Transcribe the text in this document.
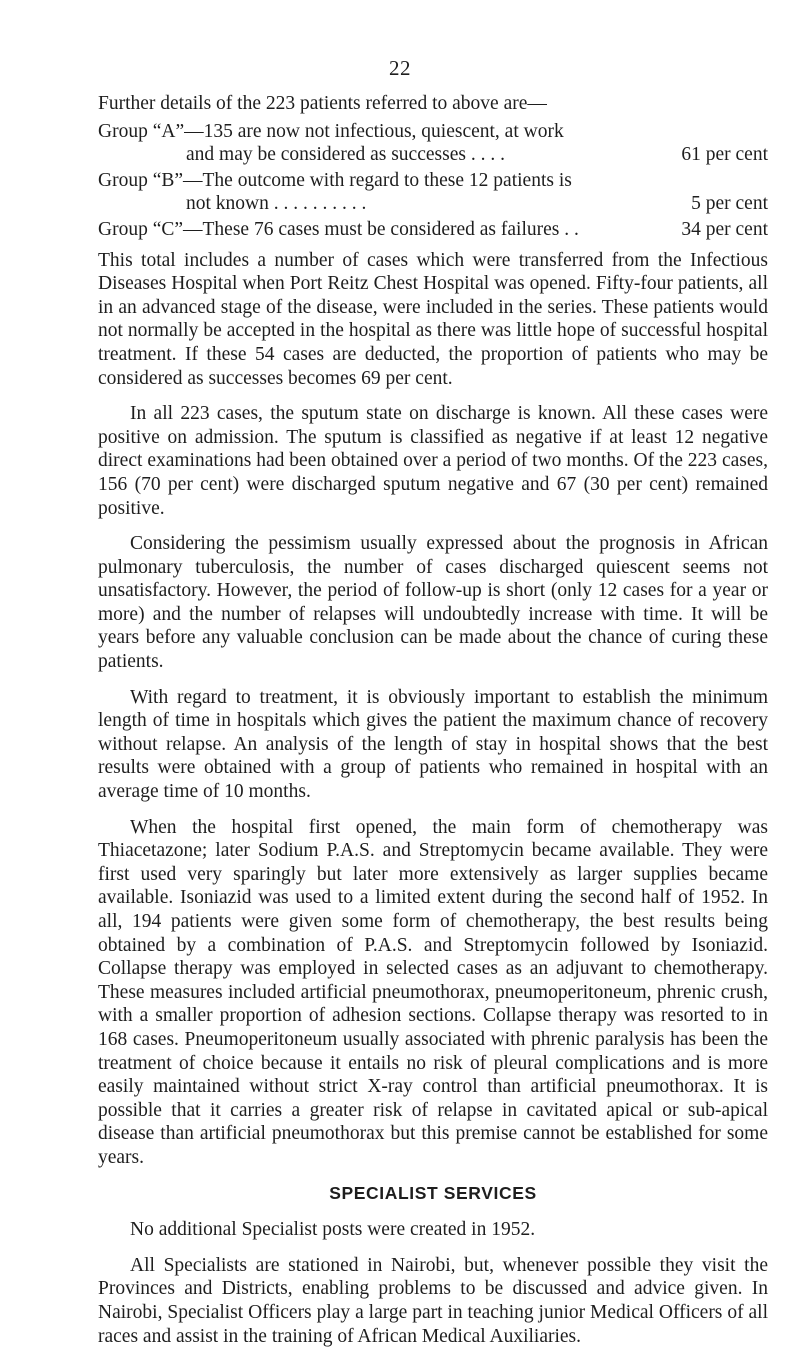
22

Further details of the 223 patients referred to above are—

Group “A”—135 are now not infectious, quiescent, at work
and may be considered as successes . . . .	61 per cent
Group “B”—The outcome with regard to these 12 patients is
not known . . . . . . . . . .	5 per cent
Group “C”—These 76 cases must be considered as failures . .	34 per cent

This total includes a number of cases which were transferred from the Infectious Diseases Hospital when Port Reitz Chest Hospital was opened. Fifty-four patients, all in an advanced stage of the disease, were included in the series. These patients would not normally be accepted in the hospital as there was little hope of successful hospital treatment. If these 54 cases are deducted, the proportion of patients who may be considered as successes becomes 69 per cent.

In all 223 cases, the sputum state on discharge is known. All these cases were positive on admission. The sputum is classified as negative if at least 12 negative direct examinations had been obtained over a period of two months. Of the 223 cases, 156 (70 per cent) were discharged sputum negative and 67 (30 per cent) remained positive.

Considering the pessimism usually expressed about the prognosis in African pulmonary tuberculosis, the number of cases discharged quiescent seems not unsatisfactory. However, the period of follow-up is short (only 12 cases for a year or more) and the number of relapses will undoubtedly increase with time. It will be years before any valuable conclusion can be made about the chance of curing these patients.

With regard to treatment, it is obviously important to establish the minimum length of time in hospitals which gives the patient the maximum chance of recovery without relapse. An analysis of the length of stay in hospital shows that the best results were obtained with a group of patients who remained in hospital with an average time of 10 months.

When the hospital first opened, the main form of chemotherapy was Thiacetazone; later Sodium P.A.S. and Streptomycin became available. They were first used very sparingly but later more extensively as larger supplies became available. Isoniazid was used to a limited extent during the second half of 1952. In all, 194 patients were given some form of chemotherapy, the best results being obtained by a combination of P.A.S. and Streptomycin followed by Isoniazid. Collapse therapy was employed in selected cases as an adjuvant to chemotherapy. These measures included artificial pneumothorax, pneumoperitoneum, phrenic crush, with a smaller proportion of adhesion sections. Collapse therapy was resorted to in 168 cases. Pneumoperitoneum usually associated with phrenic paralysis has been the treatment of choice because it entails no risk of pleural complications and is more easily maintained without strict X-ray control than artificial pneumothorax. It is possible that it carries a greater risk of relapse in cavitated apical or sub-apical disease than artificial pneumothorax but this premise cannot be established for some years.

SPECIALIST SERVICES

No additional Specialist posts were created in 1952.

All Specialists are stationed in Nairobi, but, whenever possible they visit the Provinces and Districts, enabling problems to be discussed and advice given. In Nairobi, Specialist Officers play a large part in teaching junior Medical Officers of all races and assist in the training of African Medical Auxiliaries.
